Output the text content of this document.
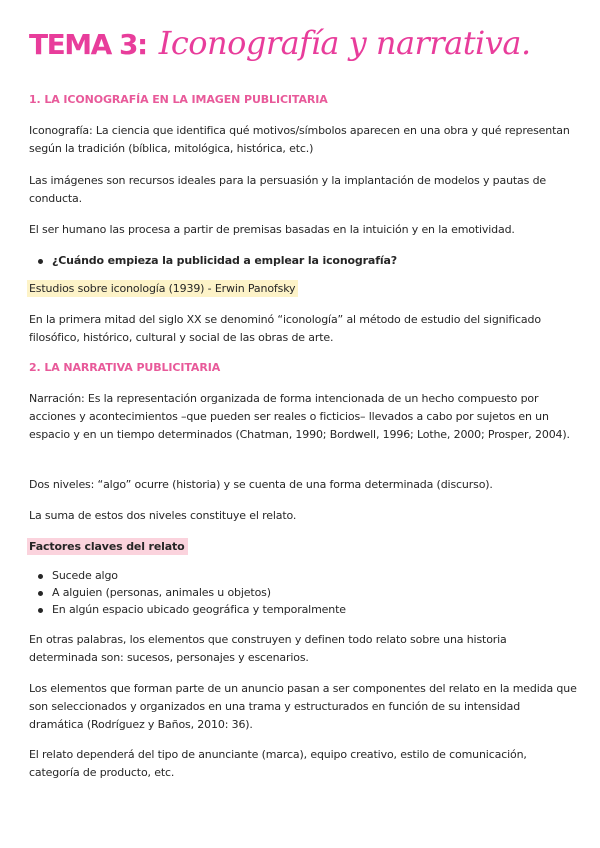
TEMA 3: Iconografía y narrativa.
1. LA ICONOGRAFÍA EN LA IMAGEN PUBLICITARIA
Iconografía: La ciencia que identifica qué motivos/símbolos aparecen en una obra y qué representan según la tradición (bíblica, mitológica, histórica, etc.)
Las imágenes son recursos ideales para la persuasión y la implantación de modelos y pautas de conducta.
El ser humano las procesa a partir de premisas basadas en la intuición y en la emotividad.
¿Cuándo empieza la publicidad a emplear la iconografía?
Estudios sobre iconología (1939) - Erwin Panofsky
En la primera mitad del siglo XX se denominó “iconología” al método de estudio del significado filosófico, histórico, cultural y social de las obras de arte.
2. LA NARRATIVA PUBLICITARIA
Narración: Es la representación organizada de forma intencionada de un hecho compuesto por acciones y acontecimientos –que pueden ser reales o ficticios– llevados a cabo por sujetos en un espacio y en un tiempo determinados (Chatman, 1990; Bordwell, 1996; Lothe, 2000; Prosper, 2004).
Dos niveles: “algo” ocurre (historia) y se cuenta de una forma determinada (discurso).
La suma de estos dos niveles constituye el relato.
Factores claves del relato
Sucede algo
A alguien (personas, animales u objetos)
En algún espacio ubicado geográfica y temporalmente
En otras palabras, los elementos que construyen y definen todo relato sobre una historia determinada son: sucesos, personajes y escenarios.
Los elementos que forman parte de un anuncio pasan a ser componentes del relato en la medida que son seleccionados y organizados en una trama y estructurados en función de su intensidad dramática (Rodríguez y Baños, 2010: 36).
El relato dependerá del tipo de anunciante (marca), equipo creativo, estilo de comunicación, categoría de producto, etc.
